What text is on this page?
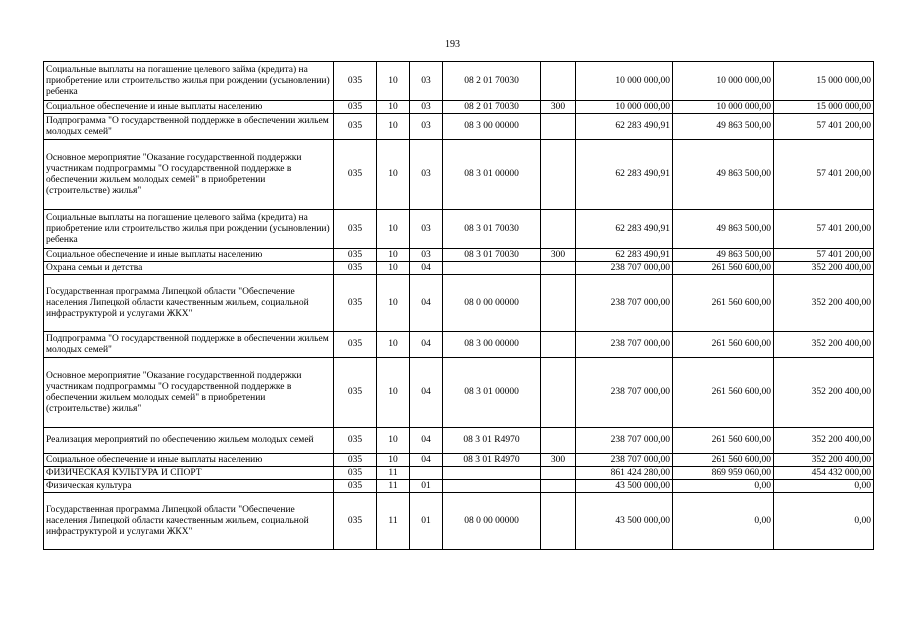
193
Социальные выплаты на погашение целевого займа (кредита) на приобретение или строительство жилья при рождении (усыновлении) ребенка	035	10	03	08 2 01 70030		10 000 000,00	10 000 000,00	15 000 000,00
Социальное обеспечение и иные выплаты населению	035	10	03	08 2 01 70030	300	10 000 000,00	10 000 000,00	15 000 000,00
Подпрограмма "О государственной поддержке в обеспечении жильем молодых семей"	035	10	03	08 3 00 00000		62 283 490,91	49 863 500,00	57 401 200,00
Основное мероприятие "Оказание государственной поддержки участникам подпрограммы "О государственной поддержке в обеспечении жильем молодых семей" в приобретении (строительстве) жилья"	035	10	03	08 3 01 00000		62 283 490,91	49 863 500,00	57 401 200,00
Социальные выплаты на погашение целевого займа (кредита) на приобретение или строительство жилья при рождении (усыновлении) ребенка	035	10	03	08 3 01 70030		62 283 490,91	49 863 500,00	57 401 200,00
Социальное обеспечение и иные выплаты населению	035	10	03	08 3 01 70030	300	62 283 490,91	49 863 500,00	57 401 200,00
Охрана семьи и детства	035	10	04			238 707 000,00	261 560 600,00	352 200 400,00
Государственная программа Липецкой области "Обеспечение населения Липецкой области качественным жильем, социальной инфраструктурой и услугами ЖКХ"	035	10	04	08 0 00 00000		238 707 000,00	261 560 600,00	352 200 400,00
Подпрограмма "О государственной поддержке в обеспечении жильем молодых семей"	035	10	04	08 3 00 00000		238 707 000,00	261 560 600,00	352 200 400,00
Основное мероприятие "Оказание государственной поддержки участникам подпрограммы "О государственной поддержке в обеспечении жильем молодых семей" в приобретении (строительстве) жилья"	035	10	04	08 3 01 00000		238 707 000,00	261 560 600,00	352 200 400,00
Реализация мероприятий по обеспечению жильем молодых семей	035	10	04	08 3 01 R4970		238 707 000,00	261 560 600,00	352 200 400,00
Социальное обеспечение и иные выплаты населению	035	10	04	08 3 01 R4970	300	238 707 000,00	261 560 600,00	352 200 400,00
ФИЗИЧЕСКАЯ КУЛЬТУРА И СПОРТ	035	11				861 424 280,00	869 959 060,00	454 432 000,00
Физическая культура	035	11	01			43 500 000,00	0,00	0,00
Государственная программа Липецкой области "Обеспечение населения Липецкой области качественным жильем, социальной инфраструктурой и услугами ЖКХ"	035	11	01	08 0 00 00000		43 500 000,00	0,00	0,00
